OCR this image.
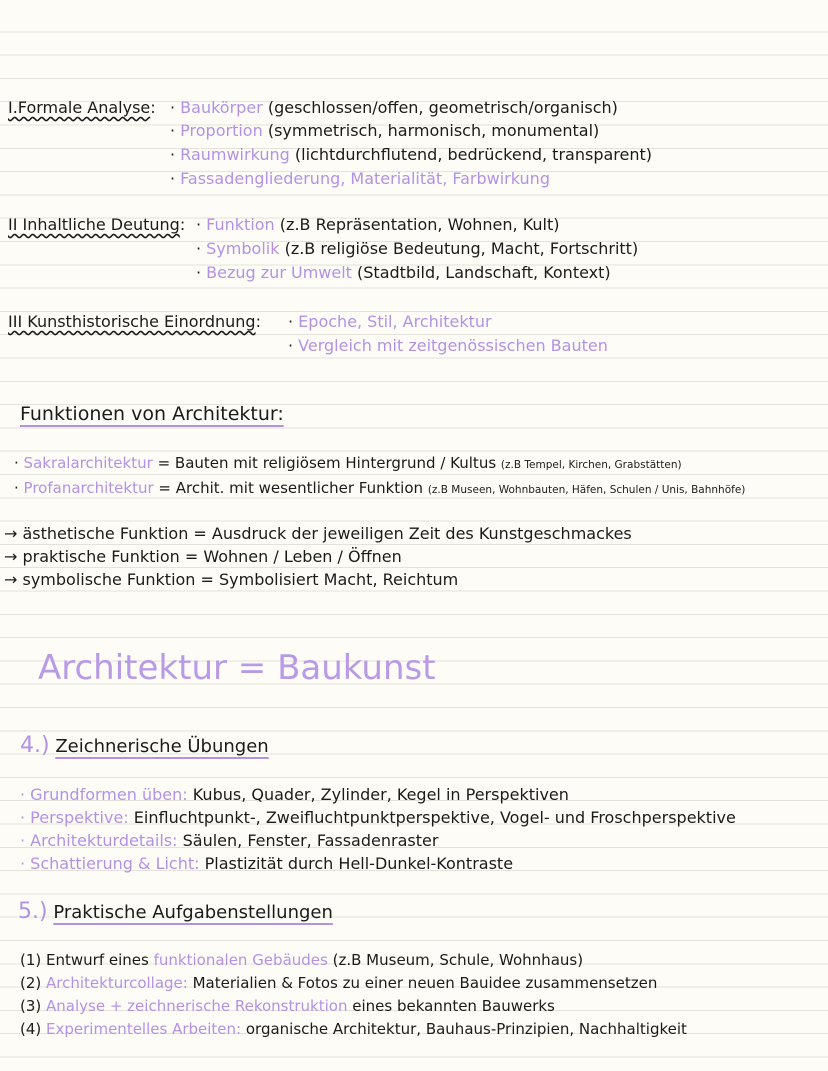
I.Formale Analyse: · Baukörper (geschlossen/offen, geometrisch/organisch)
· Proportion (symmetrisch, harmonisch, monumental)
· Raumwirkung (lichtdurchflutend, bedrückend, transparent)
· Fassadengliederung, Materialität, Farbwirkung
II Inhaltliche Deutung: · Funktion (z.B Repräsentation, Wohnen, Kult)
· Symbolik (z.B religiöse Bedeutung, Macht, Fortschritt)
· Bezug zur Umwelt (Stadtbild, Landschaft, Kontext)
III Kunsthistorische Einordnung: · Epoche, Stil, Architektur
· Vergleich mit zeitgenössischen Bauten
Funktionen von Architektur:
· Sakralarchitektur = Bauten mit religiösem Hintergrund / Kultus (z.B Tempel, Kirchen, Grabstätten)
· Profanarchitektur = Archit. mit wesentlicher Funktion (z.B Museen, Wohnbauten, Häfen, Schulen / Unis, Bahnhöfe)
→ ästhetische Funktion = Ausdruck der jeweiligen Zeit des Kunstgeschmackes
→ praktische Funktion = Wohnen / Leben / Öffnen
→ symbolische Funktion = Symbolisiert Macht, Reichtum
Architektur = Baukunst
4.) Zeichnerische Übungen
· Grundformen üben: Kubus, Quader, Zylinder, Kegel in Perspektiven
· Perspektive: Einfluchtpunkt-, Zweifluchtpunktperspektive, Vogel- und Froschperspektive
· Architekturdetails: Säulen, Fenster, Fassadenraster
· Schattierung & Licht: Plastizität durch Hell-Dunkel-Kontraste
5.) Praktische Aufgabenstellungen
(1) Entwurf eines funktionalen Gebäudes (z.B Museum, Schule, Wohnhaus)
(2) Architekturcollage: Materialien & Fotos zu einer neuen Bauidee zusammensetzen
(3) Analyse + zeichnerische Rekonstruktion eines bekannten Bauwerks
(4) Experimentelles Arbeiten: organische Architektur, Bauhaus-Prinzipien, Nachhaltigkeit
